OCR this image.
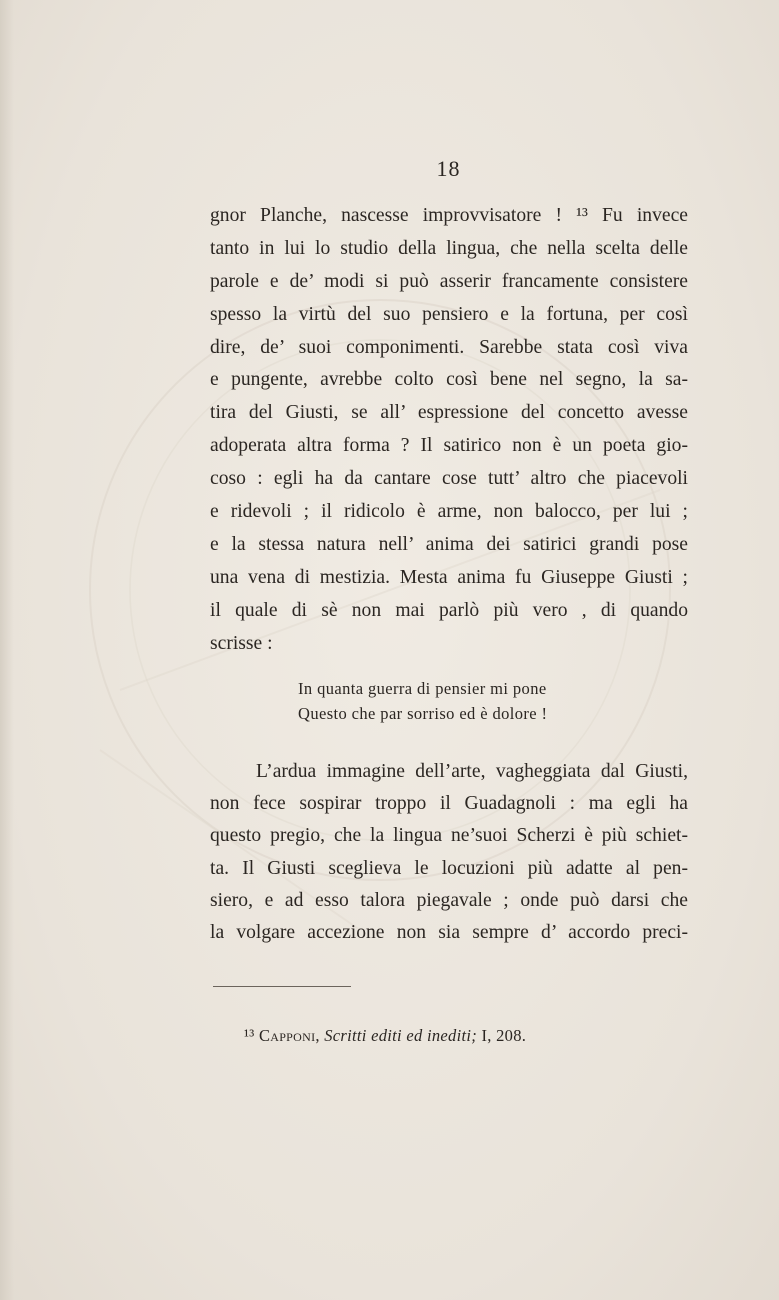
18
gnor Planche, nascesse improvvisatore ! ¹³ Fu invece
tanto in lui lo studio della lingua, che nella scelta delle
parole e de’ modi si può asserir francamente consistere
spesso la virtù del suo pensiero e la fortuna, per così
dire, de’ suoi componimenti. Sarebbe stata così viva
e pungente, avrebbe colto così bene nel segno, la sa-
tira del Giusti, se all’ espressione del concetto avesse
adoperata altra forma ? Il satirico non è un poeta gio-
coso : egli ha da cantare cose tutt’ altro che piacevoli
e ridevoli ; il ridicolo è arme, non balocco, per lui ;
e la stessa natura nell’ anima dei satirici grandi pose
una vena di mestizia. Mesta anima fu Giuseppe Giusti ;
il quale di sè non mai parlò più vero , di quando
scrisse :
In quanta guerra di pensier mi pone
Questo che par sorriso ed è dolore !
L’ardua immagine dell’arte, vagheggiata dal Giusti,
non fece sospirar troppo il Guadagnoli : ma egli ha
questo pregio, che la lingua ne’suoi Scherzi è più schiet-
ta. Il Giusti sceglieva le locuzioni più adatte al pen-
siero, e ad esso talora piegavale ; onde può darsi che
la volgare accezione non sia sempre d’ accordo preci-
¹³ Capponi, Scritti editi ed inediti; I, 208.
